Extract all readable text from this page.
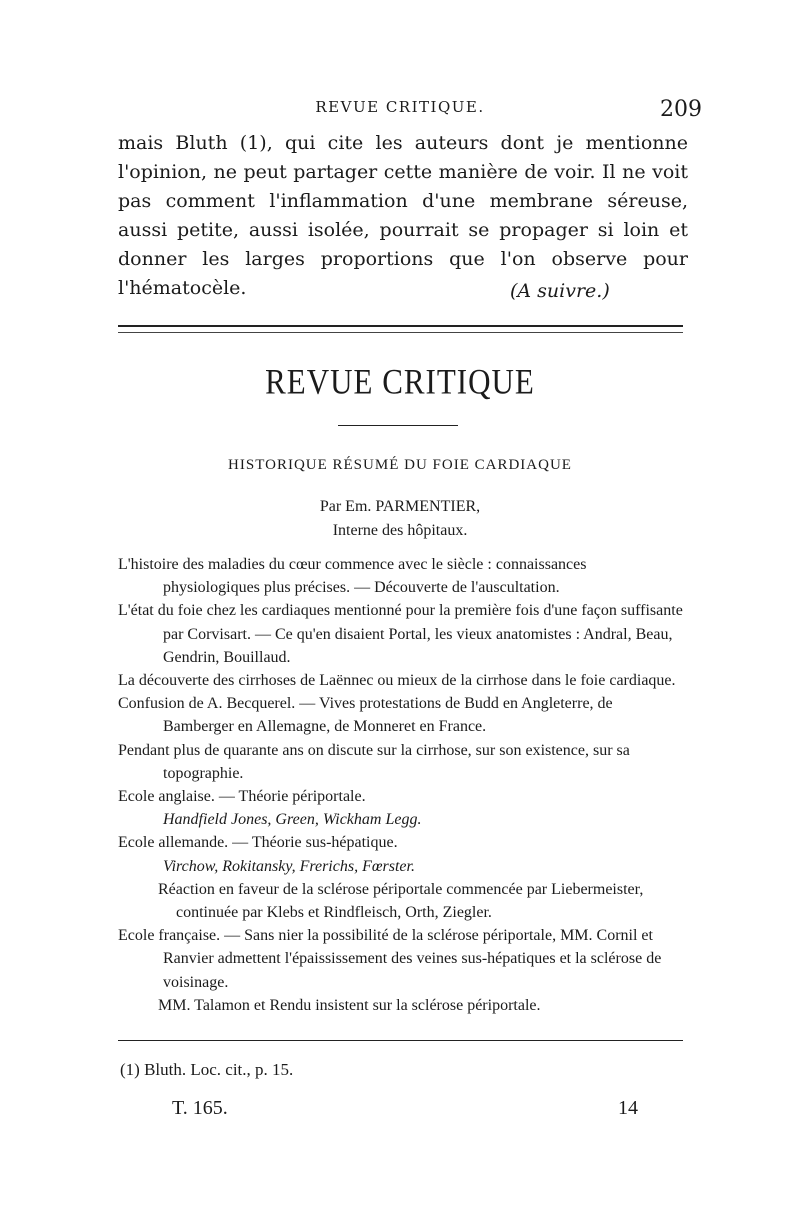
REVUE CRITIQUE.	209

mais Bluth (1), qui cite les auteurs dont je mentionne l'opinion, ne peut partager cette manière de voir. Il ne voit pas comment l'inflammation d'une membrane séreuse, aussi petite, aussi isolée, pourrait se propager si loin et donner les larges proportions que l'on observe pour l'hématocèle.	(A suivre.)
REVUE CRITIQUE
HISTORIQUE RÉSUMÉ DU FOIE CARDIAQUE
Par Em. PARMENTIER,
Interne des hôpitaux.

L'histoire des maladies du cœur commence avec le siècle : connaissances physiologiques plus précises. — Découverte de l'auscultation.

L'état du foie chez les cardiaques mentionné pour la première fois d'une façon suffisante par Corvisart. — Ce qu'en disaient Portal, les vieux anatomistes : Andral, Beau, Gendrin, Bouillaud.

La découverte des cirrhoses de Laënnec ou mieux de la cirrhose dans le foie cardiaque.

Confusion de A. Becquerel. — Vives protestations de Budd en Angleterre, de Bamberger en Allemagne, de Monneret en France.

Pendant plus de quarante ans on discute sur la cirrhose, sur son existence, sur sa topographie.

Ecole anglaise. — Théorie périportale.

Handfield Jones, Green, Wickham Legg.

Ecole allemande. — Théorie sus-hépatique.

Virchow, Rokitansky, Frerichs, Fœrster.

Réaction en faveur de la sclérose périportale commencée par Liebermeister, continuée par Klebs et Rindfleisch, Orth, Ziegler.

Ecole française. — Sans nier la possibilité de la sclérose périportale, MM. Cornil et Ranvier admettent l'épaississement des veines sus-hépatiques et la sclérose de voisinage.

MM. Talamon et Rendu insistent sur la sclérose périportale.

(1) Bluth. Loc. cit., p. 15.
T. 165.	14
